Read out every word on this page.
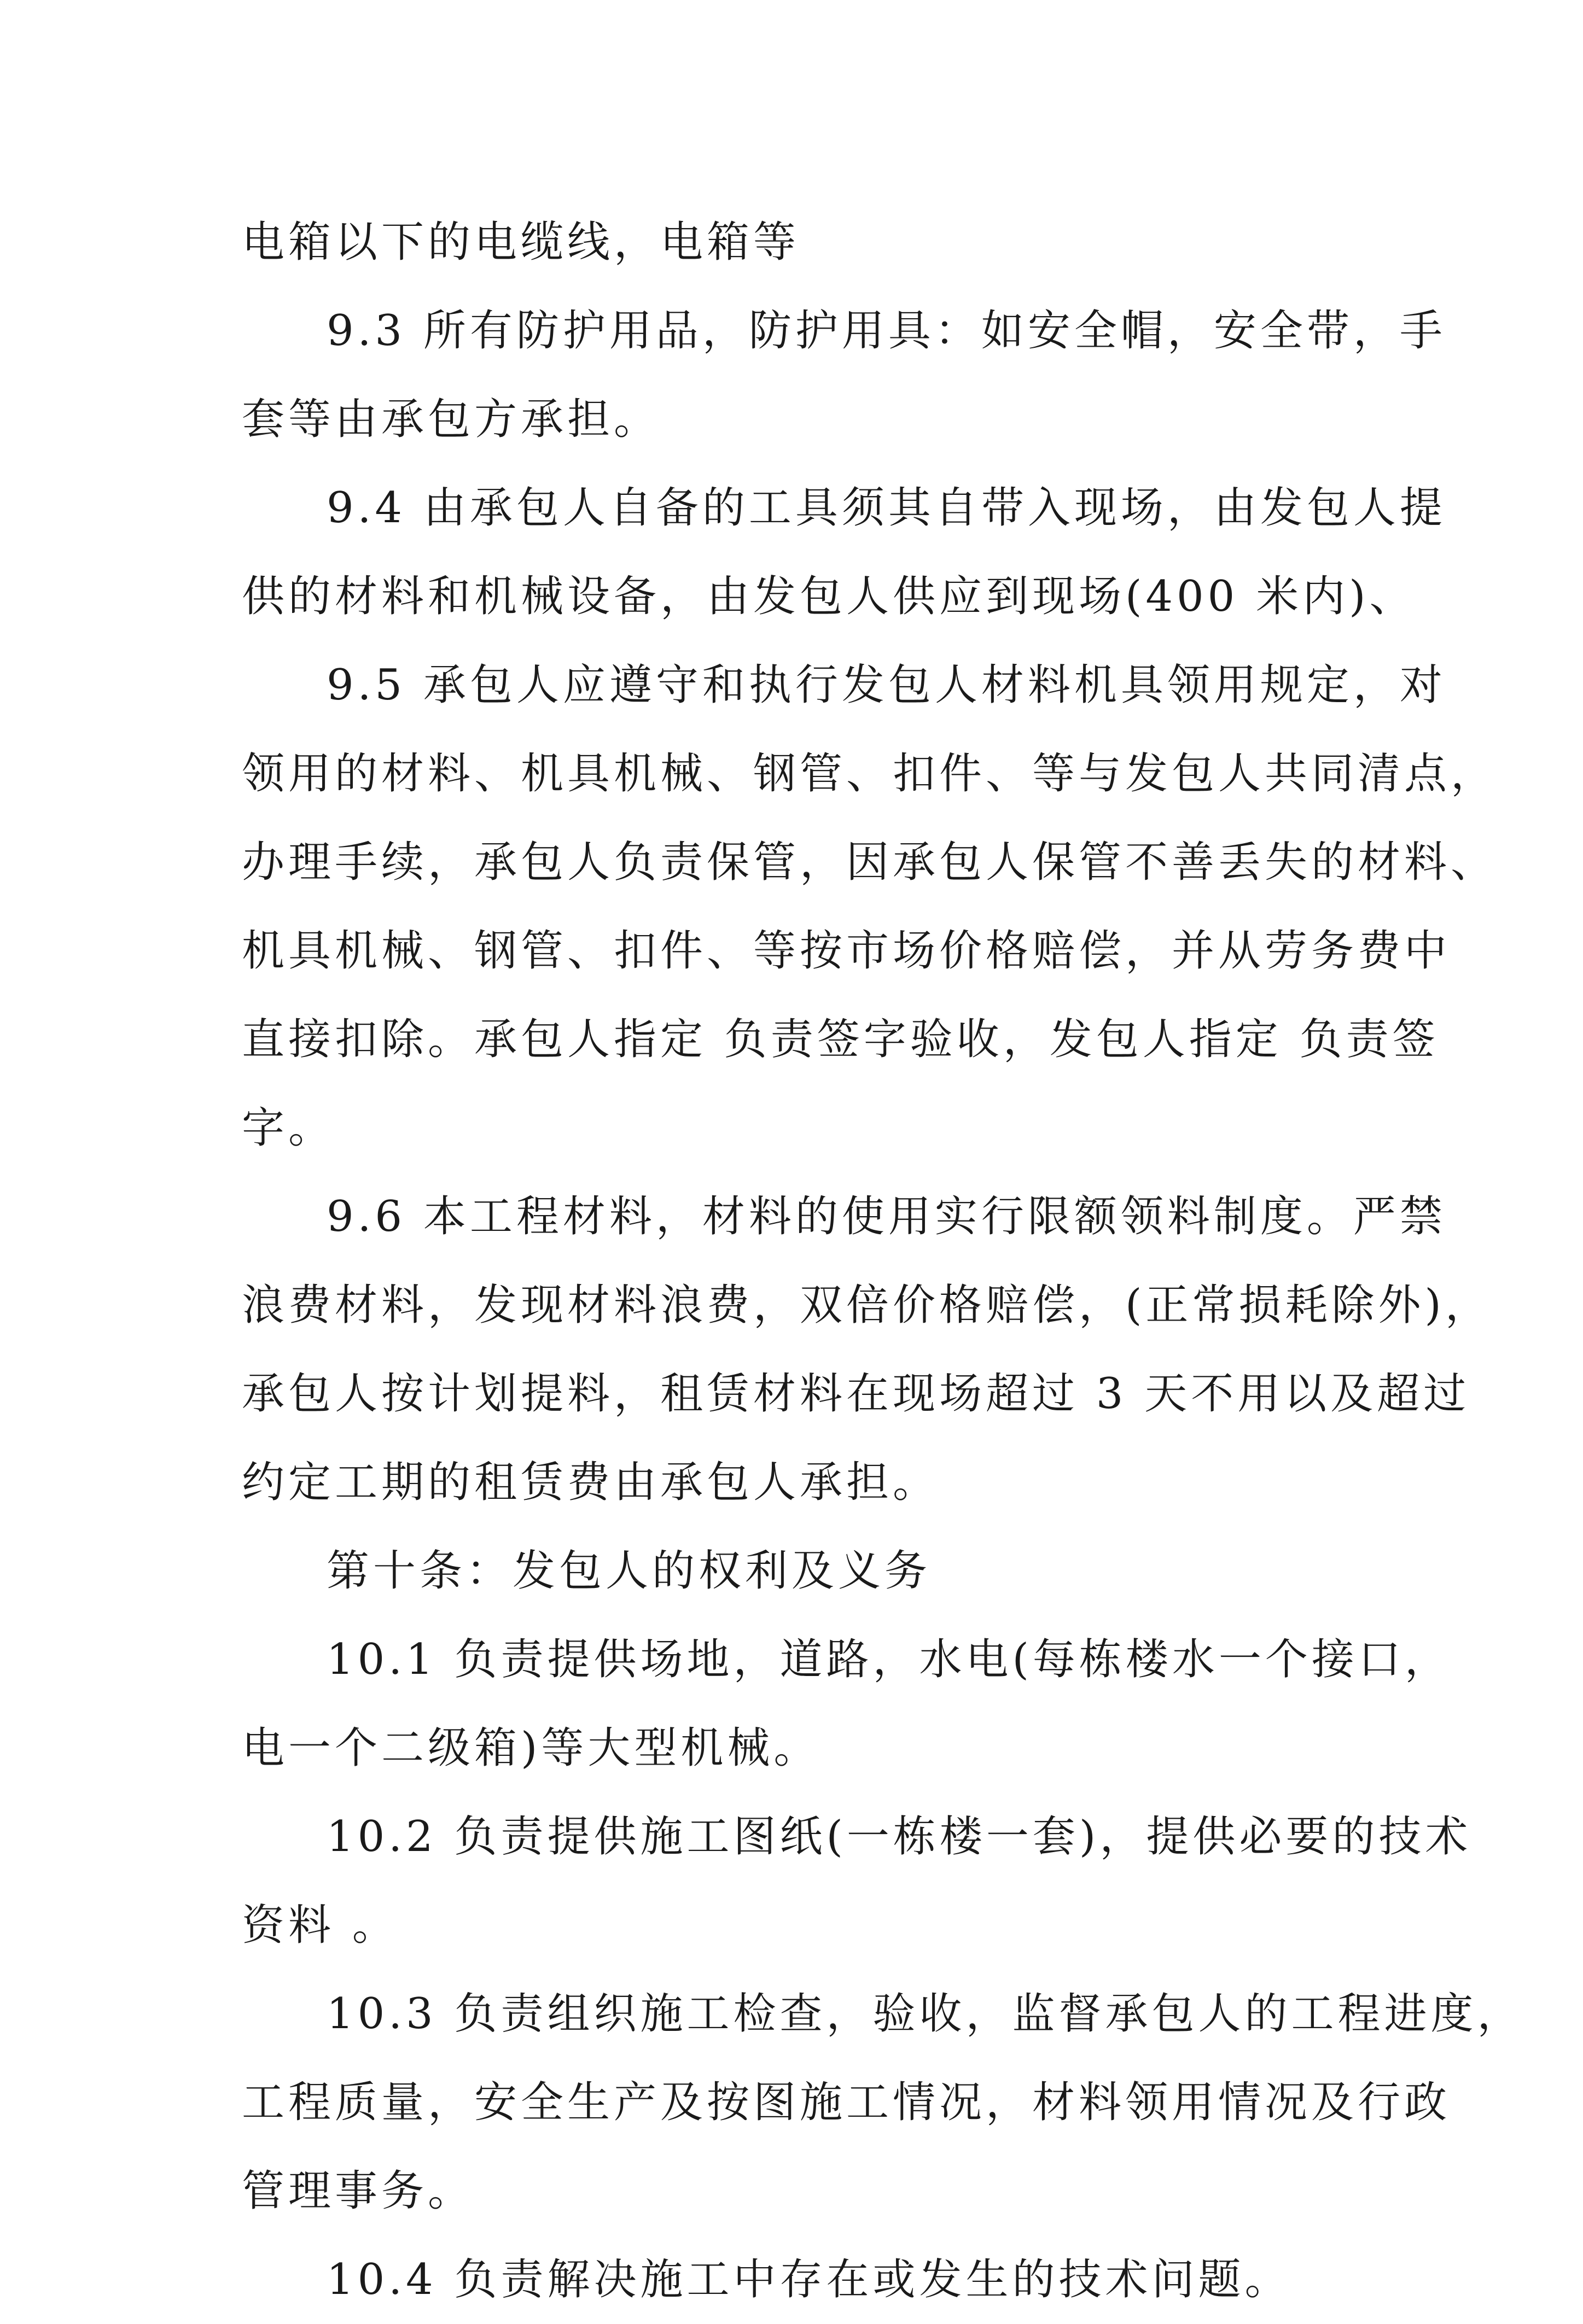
电箱以下的电缆线，电箱等
9.3 所有防护用品，防护用具：如安全帽，安全带，手
套等由承包方承担。
9.4 由承包人自备的工具须其自带入现场，由发包人提
供的材料和机械设备，由发包人供应到现场(400 米内)、
9.5 承包人应遵守和执行发包人材料机具领用规定，对
领用的材料、机具机械、钢管、扣件、等与发包人共同清点，
办理手续，承包人负责保管，因承包人保管不善丢失的材料、
机具机械、钢管、扣件、等按市场价格赔偿，并从劳务费中
直接扣除。承包人指定 负责签字验收，发包人指定 负责签
字。
9.6 本工程材料，材料的使用实行限额领料制度。严禁
浪费材料，发现材料浪费，双倍价格赔偿，(正常损耗除外)，
承包人按计划提料，租赁材料在现场超过 3 天不用以及超过
约定工期的租赁费由承包人承担。
第十条：发包人的权利及义务
10.1 负责提供场地，道路，水电(每栋楼水一个接口，
电一个二级箱)等大型机械。
10.2 负责提供施工图纸(一栋楼一套)，提供必要的技术
资料 。
10.3 负责组织施工检查，验收，监督承包人的工程进度，
工程质量，安全生产及按图施工情况，材料领用情况及行政
管理事务。
10.4 负责解决施工中存在或发生的技术问题。
